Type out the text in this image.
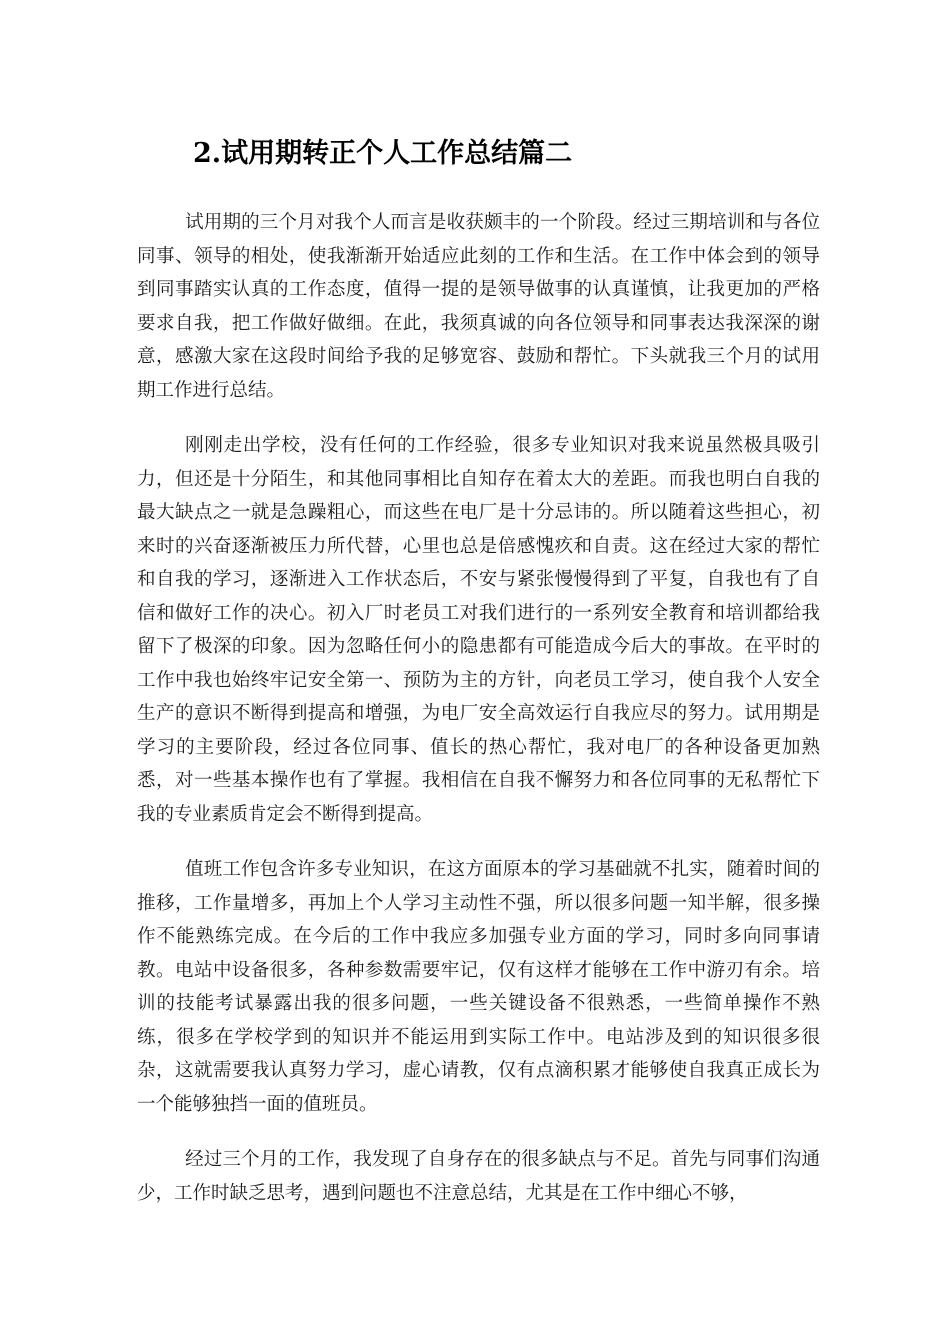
2.试用期转正个人工作总结篇二

试用期的三个月对我个人而言是收获颇丰的一个阶段。经过三期培训和与各位同事、领导的相处，使我渐渐开始适应此刻的工作和生活。在工作中体会到的领导到同事踏实认真的工作态度，值得一提的是领导做事的认真谨慎，让我更加的严格要求自我，把工作做好做细。在此，我须真诚的向各位领导和同事表达我深深的谢意，感激大家在这段时间给予我的足够宽容、鼓励和帮忙。下头就我三个月的试用期工作进行总结。

刚刚走出学校，没有任何的工作经验，很多专业知识对我来说虽然极具吸引力，但还是十分陌生，和其他同事相比自知存在着太大的差距。而我也明白自我的最大缺点之一就是急躁粗心，而这些在电厂是十分忌讳的。所以随着这些担心，初来时的兴奋逐渐被压力所代替，心里也总是倍感愧疚和自责。这在经过大家的帮忙和自我的学习，逐渐进入工作状态后，不安与紧张慢慢得到了平复，自我也有了自信和做好工作的决心。初入厂时老员工对我们进行的一系列安全教育和培训都给我留下了极深的印象。因为忽略任何小的隐患都有可能造成今后大的事故。在平时的工作中我也始终牢记安全第一、预防为主的方针，向老员工学习，使自我个人安全生产的意识不断得到提高和增强，为电厂安全高效运行自我应尽的努力。试用期是学习的主要阶段，经过各位同事、值长的热心帮忙，我对电厂的各种设备更加熟悉，对一些基本操作也有了掌握。我相信在自我不懈努力和各位同事的无私帮忙下我的专业素质肯定会不断得到提高。

值班工作包含许多专业知识，在这方面原本的学习基础就不扎实，随着时间的推移，工作量增多，再加上个人学习主动性不强，所以很多问题一知半解，很多操作不能熟练完成。在今后的工作中我应多加强专业方面的学习，同时多向同事请教。电站中设备很多，各种参数需要牢记，仅有这样才能够在工作中游刃有余。培训的技能考试暴露出我的很多问题，一些关键设备不很熟悉，一些简单操作不熟练，很多在学校学到的知识并不能运用到实际工作中。电站涉及到的知识很多很杂，这就需要我认真努力学习，虚心请教，仅有点滴积累才能够使自我真正成长为一个能够独挡一面的值班员。

经过三个月的工作，我发现了自身存在的很多缺点与不足。首先与同事们沟通少，工作时缺乏思考，遇到问题也不注意总结，尤其是在工作中细心不够，
